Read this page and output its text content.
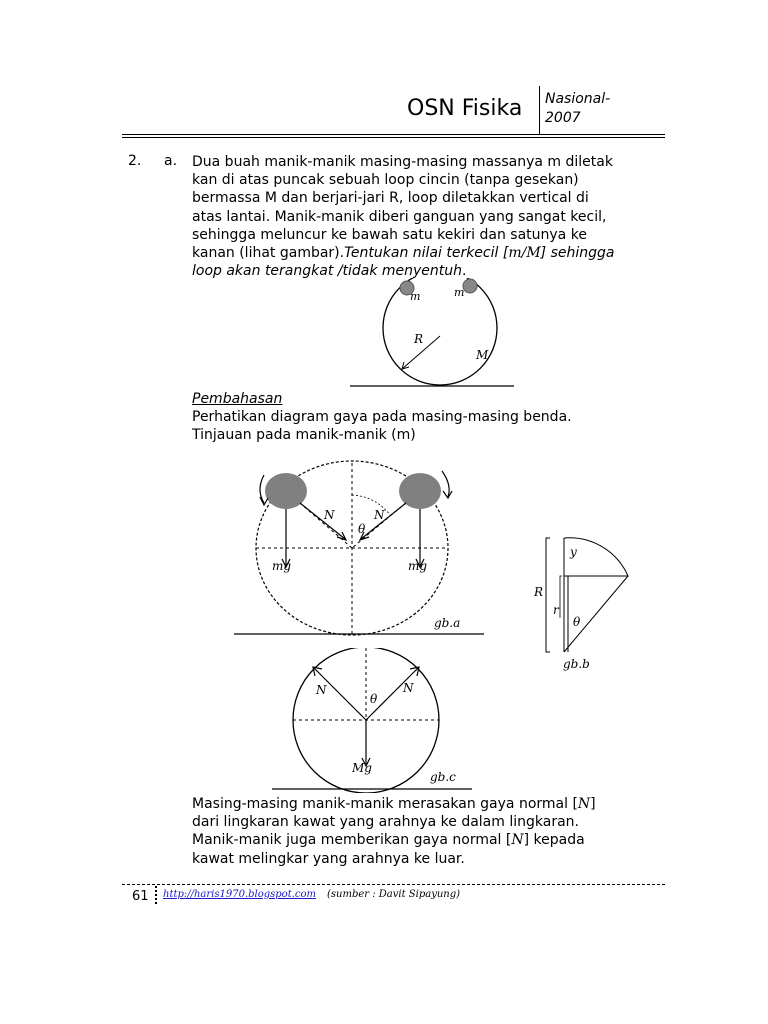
OSN Fisika Nasional-
2007
2. a. Dua buah manik-manik masing-masing massanya m diletak
kan di atas puncak sebuah loop cincin (tanpa gesekan)
bermassa M dan berjari-jari R, loop diletakkan vertical di
atas lantai. Manik-manik diberi ganguan yang sangat kecil,
sehingga meluncur ke bawah satu kekiri dan satunya ke
kanan (lihat gambar).Tentukan nilai terkecil [m/M] sehingga
loop akan terangkat /tidak menyentuh.
m	m
R
M
Pembahasan
Perhatikan diagram gaya pada masing-masing benda.
Tinjauan pada manik-manik (m)
N	N
θ
mg	mg
gb.a
y
R
r
θ
gb.b
N	N
θ
Mg
gb.c
Masing-masing manik-manik merasakan gaya normal [N]
dari lingkaran kawat yang arahnya ke dalam lingkaran.
Manik-manik juga memberikan gaya normal [N] kepada
kawat melingkar yang arahnya ke luar.
61 http://haris1970.blogspot.com (sumber : Davit Sipayung)
